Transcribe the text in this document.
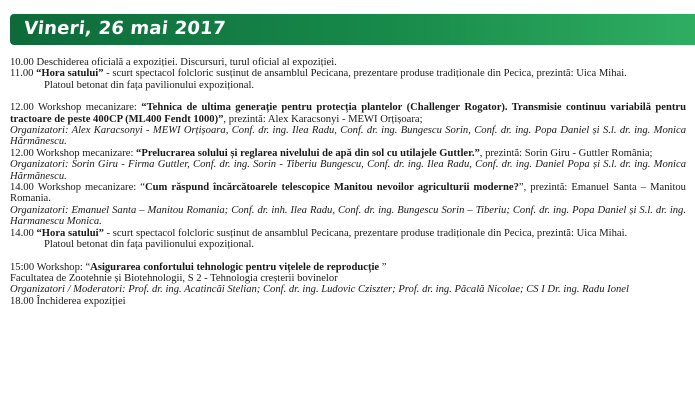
Vineri, 26 mai 2017

10.00 Deschiderea oficială a expoziției. Discursuri, turul oficial al expoziției.

11.00 “Hora satului” - scurt spectacol folcloric susținut de ansamblul Pecicana, prezentare produse tradiționale din Pecica, prezintă: Uica Mihai.

Platoul betonat din fața pavilionului expozițional.

12.00 Workshop mecanizare: “Tehnica de ultima generație pentru protecția plantelor (Challenger Rogator). Transmisie continuu variabilă pentru tractoare de peste 400CP (ML400 Fendt 1000)”, prezintă: Alex Karacsonyi - MEWI Orțișoara;

Organizatori: Alex Karacsonyi - MEWI Orțișoara, Conf. dr. ing. Ilea Radu, Conf. dr. ing. Bungescu Sorin, Conf. dr. ing. Popa Daniel și S.l. dr. ing. Monica Hărmănescu.

12.00 Workshop mecanizare: “Prelucrarea solului și reglarea nivelului de apă din sol cu utilajele Guttler.”, prezintă: Sorin Giru - Guttler România;

Organizatori: Sorin Giru - Firma Guttler, Conf. dr. ing. Sorin - Tiberiu Bungescu, Conf. dr. ing. Ilea Radu, Conf. dr. ing. Daniel Popa și S.l. dr. ing. Monica Hărmănescu.

14.00 Workshop mecanizare: “Cum răspund încărcătoarele telescopice Manitou nevoilor agriculturii moderne?”, prezintă: Emanuel Santa – Manitou Romania.

Organizatori: Emanuel Santa – Manitou Romania; Conf. dr. inh. Ilea Radu, Conf. dr. ing. Bungescu Sorin – Tiberiu; Conf. dr. ing. Popa Daniel și S.l. dr. ing. Harmanescu Monica.

14.00 “Hora satului” - scurt spectacol folcloric susținut de ansamblul Pecicana, prezentare produse tradiționale din Pecica, prezintă: Uica Mihai.

Platoul betonat din fața pavilionului expozițional.

15:00 Workshop: “Asigurarea confortului tehnologic pentru vițelele de reproducție ”

Facultatea de Zootehnie și Biotehnologii, S 2 - Tehnologia creșterii bovinelor

Organizatori / Moderatori: Prof. dr. ing. Acatincăi Stelian; Conf. dr. ing. Ludovic Cziszter; Prof. dr. ing. Păcală Nicolae; CS I Dr. ing. Radu Ionel

18.00 Închiderea expoziției
